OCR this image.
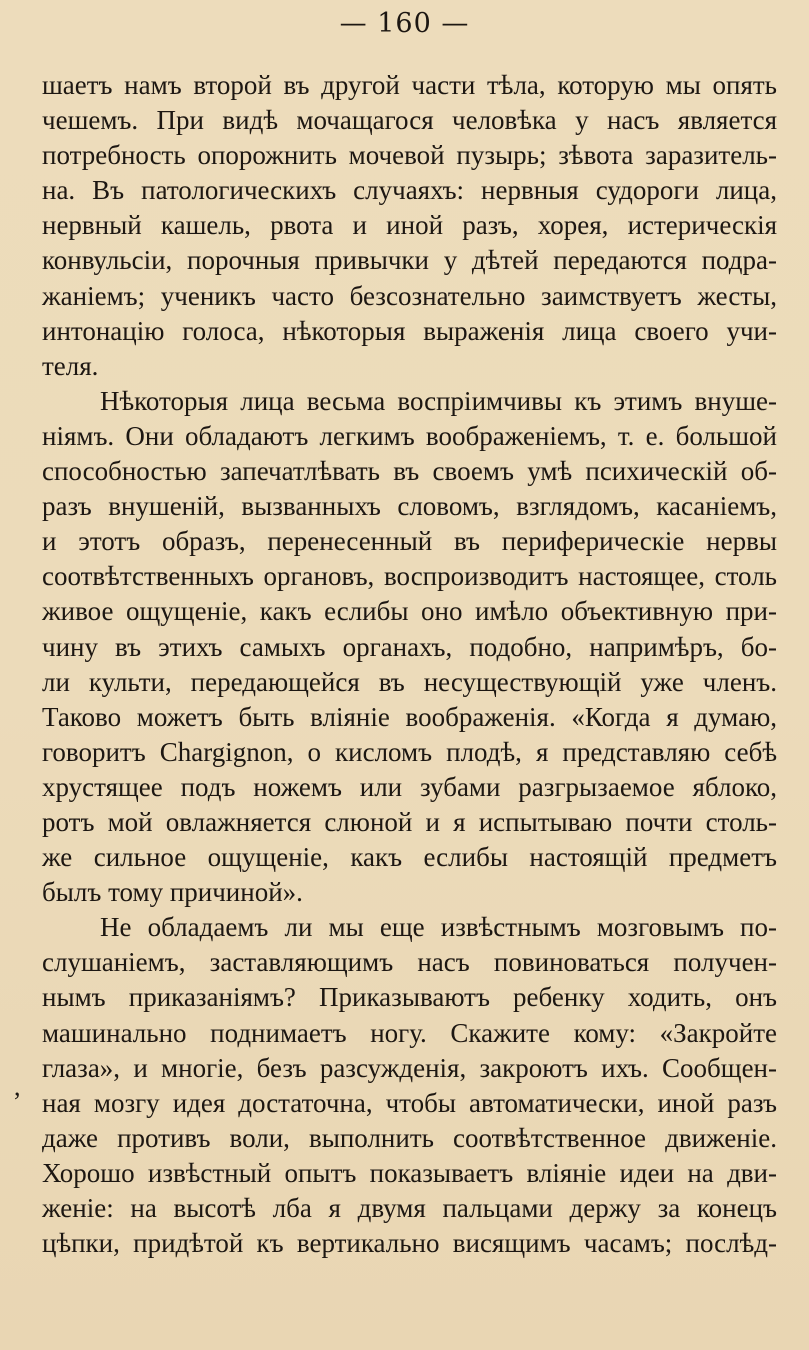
— 160 —
,
шаетъ намъ второй въ другой части тѣла, которую мы опять
чешемъ. При видѣ мочащагося человѣка у насъ является
потребность опорожнить мочевой пузырь; зѣвота заразитель-
на. Въ патологическихъ случаяхъ: нервныя судороги лица,
нервный кашель, рвота и иной разъ, хорея, истерическія
конвульсіи, порочныя привычки у дѣтей передаются подра-
жаніемъ; ученикъ часто безсознательно заимствуетъ жесты,
интонацію голоса, нѣкоторыя выраженія лица своего учи-
теля.
Нѣкоторыя лица весьма воспріимчивы къ этимъ внуше-
ніямъ. Они обладаютъ легкимъ воображеніемъ, т. е. большой
способностью запечатлѣвать въ своемъ умѣ психическій об-
разъ внушеній, вызванныхъ словомъ, взглядомъ, касаніемъ,
и этотъ образъ, перенесенный въ периферическіе нервы
соотвѣтственныхъ органовъ, воспроизводитъ настоящее, столь
живое ощущеніе, какъ еслибы оно имѣло объективную при-
чину въ этихъ самыхъ органахъ, подобно, напримѣръ, бо-
ли культи, передающейся въ несуществующій уже членъ.
Таково можетъ быть вліяніе воображенія. «Когда я думаю,
говоритъ Chargignon, о кисломъ плодѣ, я представляю себѣ
хрустящее подъ ножемъ или зубами разгрызаемое яблоко,
ротъ мой овлажняется слюной и я испытываю почти столь-
же сильное ощущеніе, какъ еслибы настоящій предметъ
былъ тому причиной».
Не обладаемъ ли мы еще извѣстнымъ мозговымъ по-
слушаніемъ, заставляющимъ насъ повиноваться получен-
нымъ приказаніямъ? Приказываютъ ребенку ходить, онъ
машинально поднимаетъ ногу. Скажите кому: «Закройте
глаза», и многіе, безъ разсужденія, закроютъ ихъ. Сообщен-
ная мозгу идея достаточна, чтобы автоматически, иной разъ
даже противъ воли, выполнить соотвѣтственное движеніе.
Хорошо извѣстный опытъ показываетъ вліяніе идеи на дви-
женіе: на высотѣ лба я двумя пальцами держу за конецъ
цѣпки, придѣтой къ вертикально висящимъ часамъ; послѣд-
